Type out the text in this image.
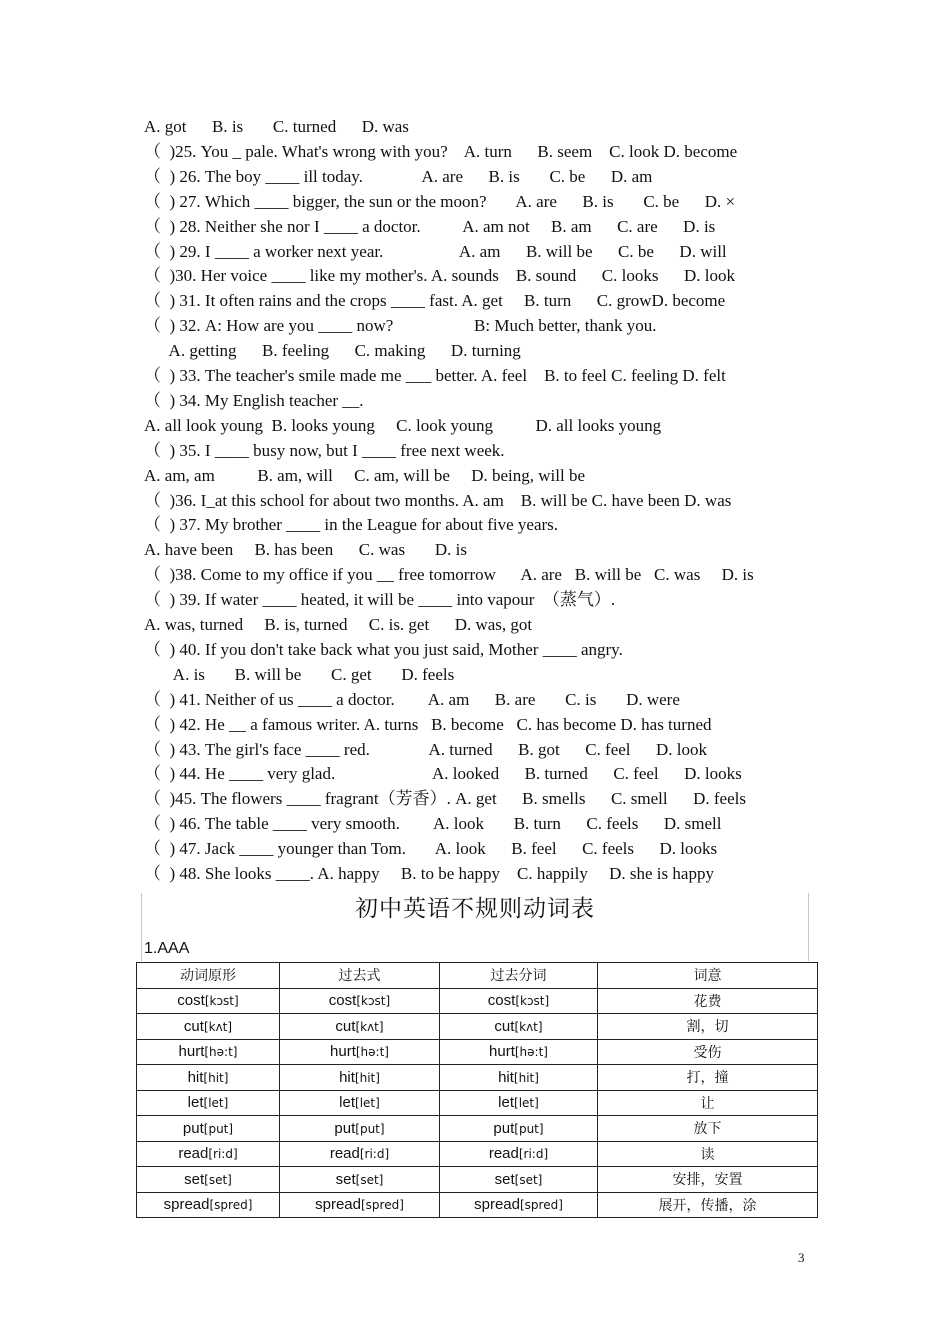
A. got      B. is       C. turned      D. was
（  )25. You _ pale. What's wrong with you?    A. turn      B. seem    C. look D. become
（  ) 26. The boy ____ ill today.              A. are      B. is       C. be      D. am
（  ) 27. Which ____ bigger, the sun or the moon?       A. are      B. is       C. be      D. ×
（  ) 28. Neither she nor I ____ a doctor.          A. am not     B. am      C. are      D. is
（  ) 29. I ____ a worker next year.                  A. am      B. will be      C. be      D. will
（  )30. Her voice ____ like my mother's. A. sounds    B. sound      C. looks      D. look
（  ) 31. It often rains and the crops ____ fast. A. get     B. turn      C. growD. become
（  ) 32. A: How are you ____ now?                   B: Much better, thank you.
A. getting      B. feeling      C. making      D. turning
（  ) 33. The teacher's smile made me ___ better. A. feel    B. to feel C. feeling D. felt
（  ) 34. My English teacher __.
A. all look young  B. looks young     C. look young          D. all looks young
（  ) 35. I ____ busy now, but I ____ free next week.
A. am, am          B. am, will     C. am, will be     D. being, will be
（  )36. I_at this school for about two months. A. am    B. will be C. have been D. was
（  ) 37. My brother ____ in the League for about five years.
A. have been     B. has been      C. was       D. is
（  )38. Come to my office if you __ free tomorrow      A. are   B. will be   C. was     D. is
（  ) 39. If water ____ heated, it will be ____ into vapour  （蒸气）.
A. was, turned     B. is, turned     C. is. get      D. was, got
（  ) 40. If you don't take back what you just said, Mother ____ angry.
A. is       B. will be       C. get       D. feels
（  ) 41. Neither of us ____ a doctor.        A. am      B. are       C. is       D. were
（  ) 42. He __ a famous writer. A. turns   B. become   C. has become D. has turned
（  ) 43. The girl's face ____ red.              A. turned      B. got      C. feel      D. look
（  ) 44. He ____ very glad.                       A. looked      B. turned      C. feel      D. looks
（  )45. The flowers ____ fragrant（芳香）. A. get      B. smells      C. smell      D. feels
（  ) 46. The table ____ very smooth.        A. look       B. turn      C. feels      D. smell
（  ) 47. Jack ____ younger than Tom.       A. look      B. feel      C. feels      D. looks
（  ) 48. She looks ____. A. happy     B. to be happy    C. happily     D. she is happy
初中英语不规则动词表
1.AAA
动词原形	过去式	过去分词	词意
cost[kɔst]	cost[kɔst]	cost[kɔst]	花费
cut[kʌt]	cut[kʌt]	cut[kʌt]	割，切
hurt[hə:t]	hurt[hə:t]	hurt[hə:t]	受伤
hit[hit]	hit[hit]	hit[hit]	打，撞
let[let]	let[let]	let[let]	让
put[put]	put[put]	put[put]	放下
read[ri:d]	read[ri:d]	read[ri:d]	读
set[set]	set[set]	set[set]	安排，安置
spread[spred]	spread[spred]	spread[spred]	展开，传播，涂
3
